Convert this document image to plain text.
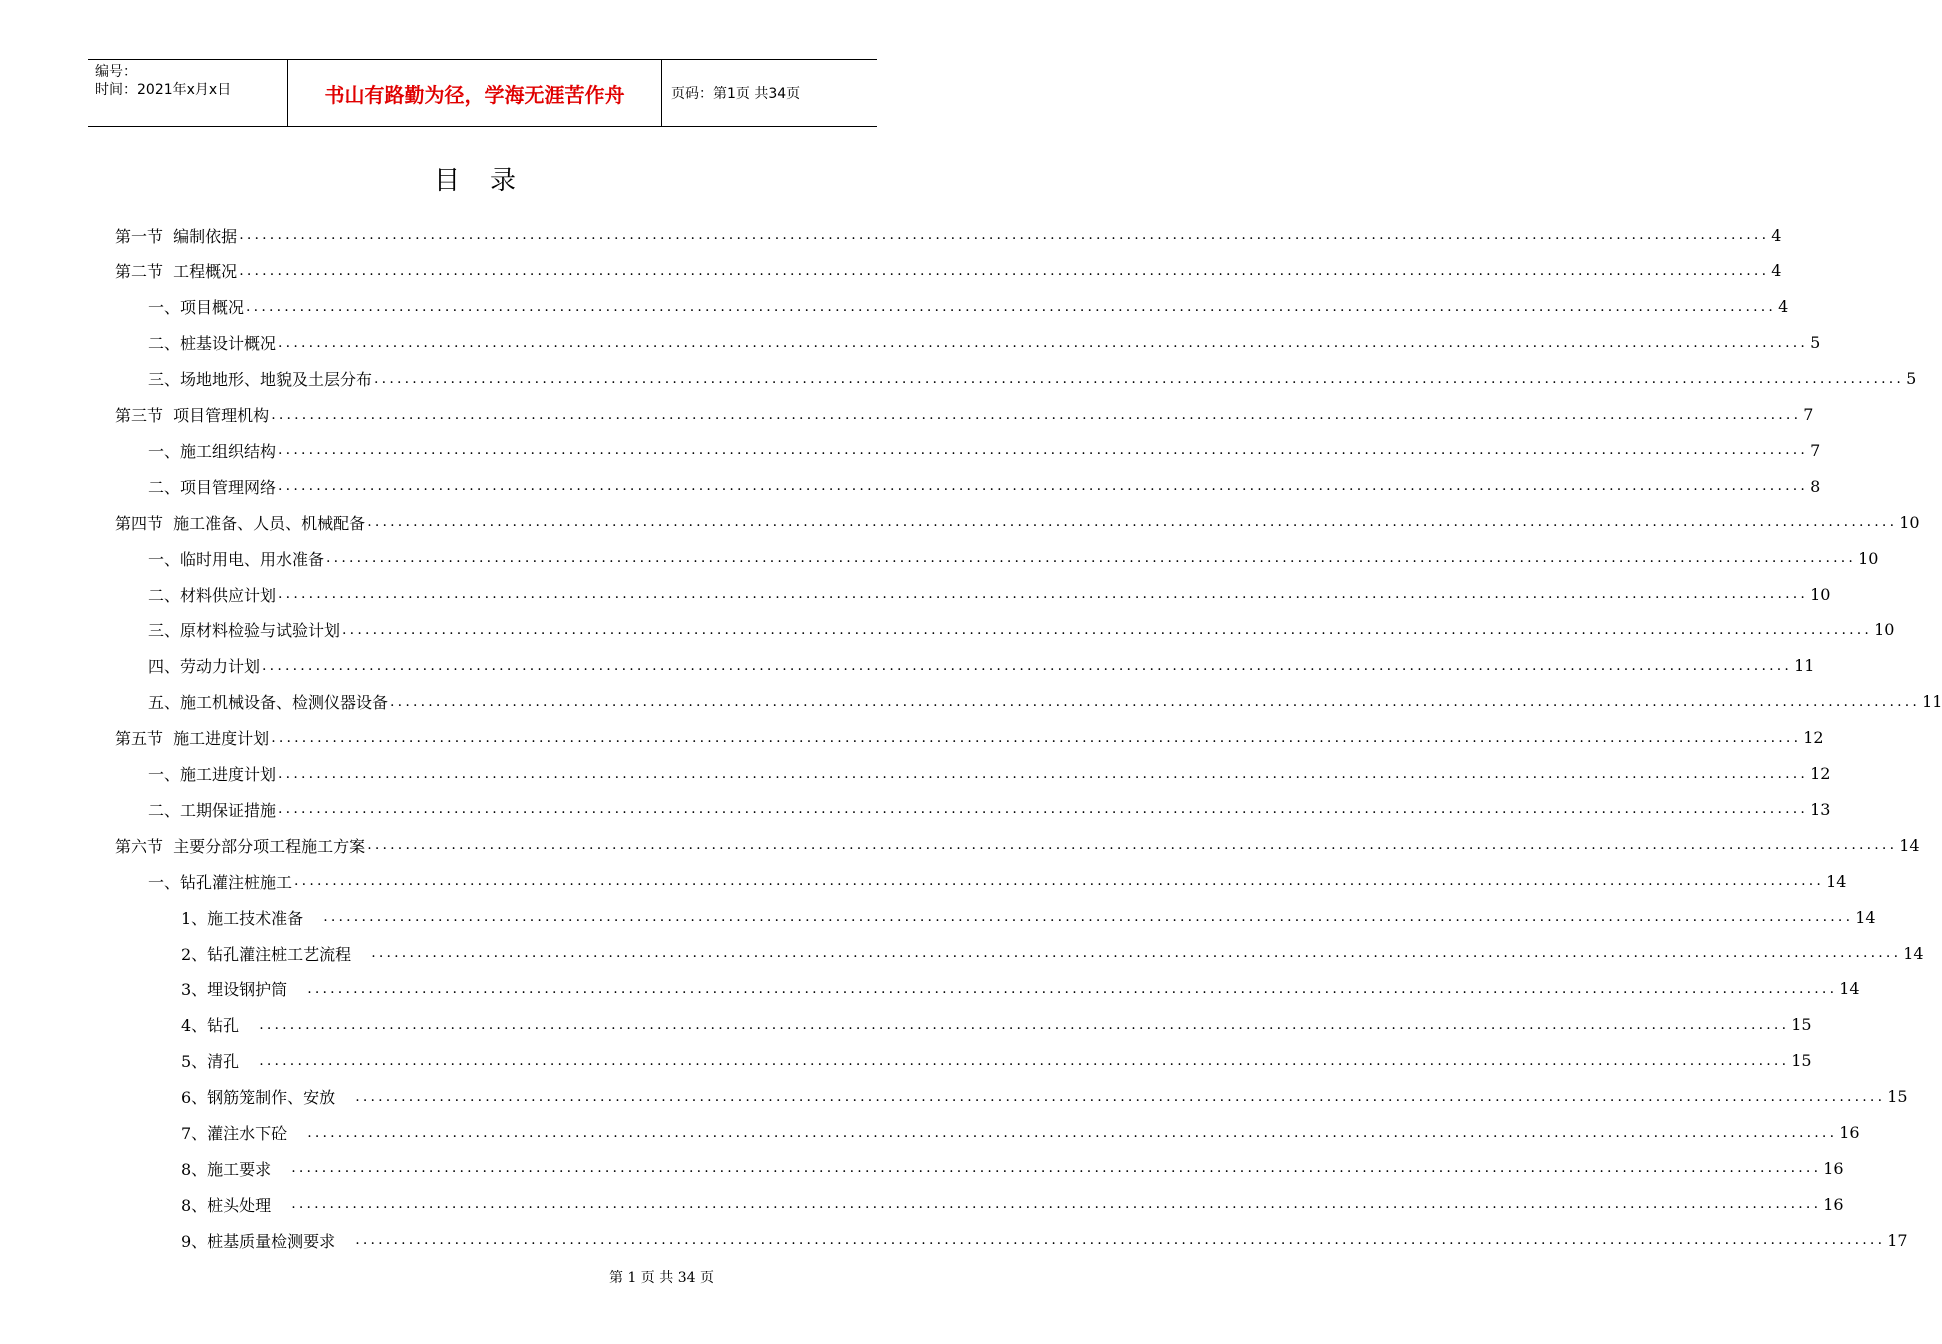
编号：
时间：2021年x月x日	书山有路勤为径，学海无涯苦作舟	页码：第1页 共34页
目录
第一节  编制依据 ........................................................................................................................................................................................................ 4
第二节  工程概况 ........................................................................................................................................................................................................ 4
一、项目概况 ........................................................................................................................................................................................................ 4
二、桩基设计概况 ........................................................................................................................................................................................................ 5
三、场地地形、地貌及土层分布 ........................................................................................................................................................................................................ 5
第三节  项目管理机构 ........................................................................................................................................................................................................ 7
一、施工组织结构 ........................................................................................................................................................................................................ 7
二、项目管理网络 ........................................................................................................................................................................................................ 8
第四节  施工准备、人员、机械配备 ........................................................................................................................................................................................................ 10
一、临时用电、用水准备 ........................................................................................................................................................................................................ 10
二、材料供应计划 ........................................................................................................................................................................................................ 10
三、原材料检验与试验计划 ........................................................................................................................................................................................................ 10
四、劳动力计划 ........................................................................................................................................................................................................ 11
五、施工机械设备、检测仪器设备 ........................................................................................................................................................................................................ 11
第五节  施工进度计划 ........................................................................................................................................................................................................ 12
一、施工进度计划 ........................................................................................................................................................................................................ 12
二、工期保证措施 ........................................................................................................................................................................................................ 13
第六节  主要分部分项工程施工方案 ........................................................................................................................................................................................................ 14
一、钻孔灌注桩施工 ........................................................................................................................................................................................................ 14
1、施工技术准备	........................................................................................................................................................................................................ 14
2、钻孔灌注桩工艺流程	........................................................................................................................................................................................................ 14
3、埋设钢护筒	........................................................................................................................................................................................................ 14
4、钻孔	........................................................................................................................................................................................................ 15
5、清孔	........................................................................................................................................................................................................ 15
6、钢筋笼制作、安放	........................................................................................................................................................................................................ 15
7、灌注水下砼	........................................................................................................................................................................................................ 16
8、施工要求	........................................................................................................................................................................................................ 16
8、桩头处理	........................................................................................................................................................................................................ 16
9、桩基质量检测要求	........................................................................................................................................................................................................ 17
第 1 页 共 34 页
